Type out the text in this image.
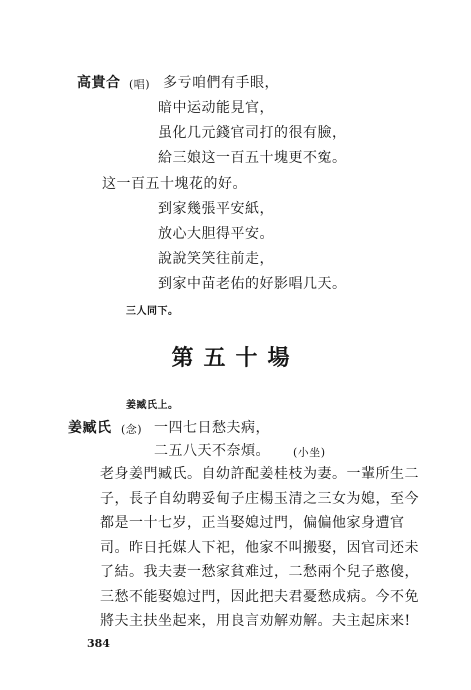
高貴合 (唱) 多亏咱們有手眼，
暗中运动能見官，
虽化几元錢官司打的很有臉，
給三娘这一百五十塊更不寃。
这一百五十塊花的好。
到家幾張平安紙，
放心大胆得平安。
說說笑笑往前走，
到家中苗老佑的好影唱几天。
三人同下。
第五十場
姜臧氏上。
姜臧氏 (念) 一四七日愁夫病，
二五八天不奈煩。 (小坐)
老身姜門臧氏。自幼許配姜桂枝为妻。一輩所生二
子，長子自幼聘妥甸子庄楊玉清之三女为媳，至今
都是一十七岁，正当娶媳过門，偏偏他家身遭官
司。昨日托媒人下祀，他家不叫搬娶，因官司还未
了結。我夫妻一愁家貧难过，二愁兩个兒子憨傻，
三愁不能娶媳过門，因此把夫君憂愁成病。今不免
將夫主扶坐起来，用良言劝解劝解。夫主起床来!
384
